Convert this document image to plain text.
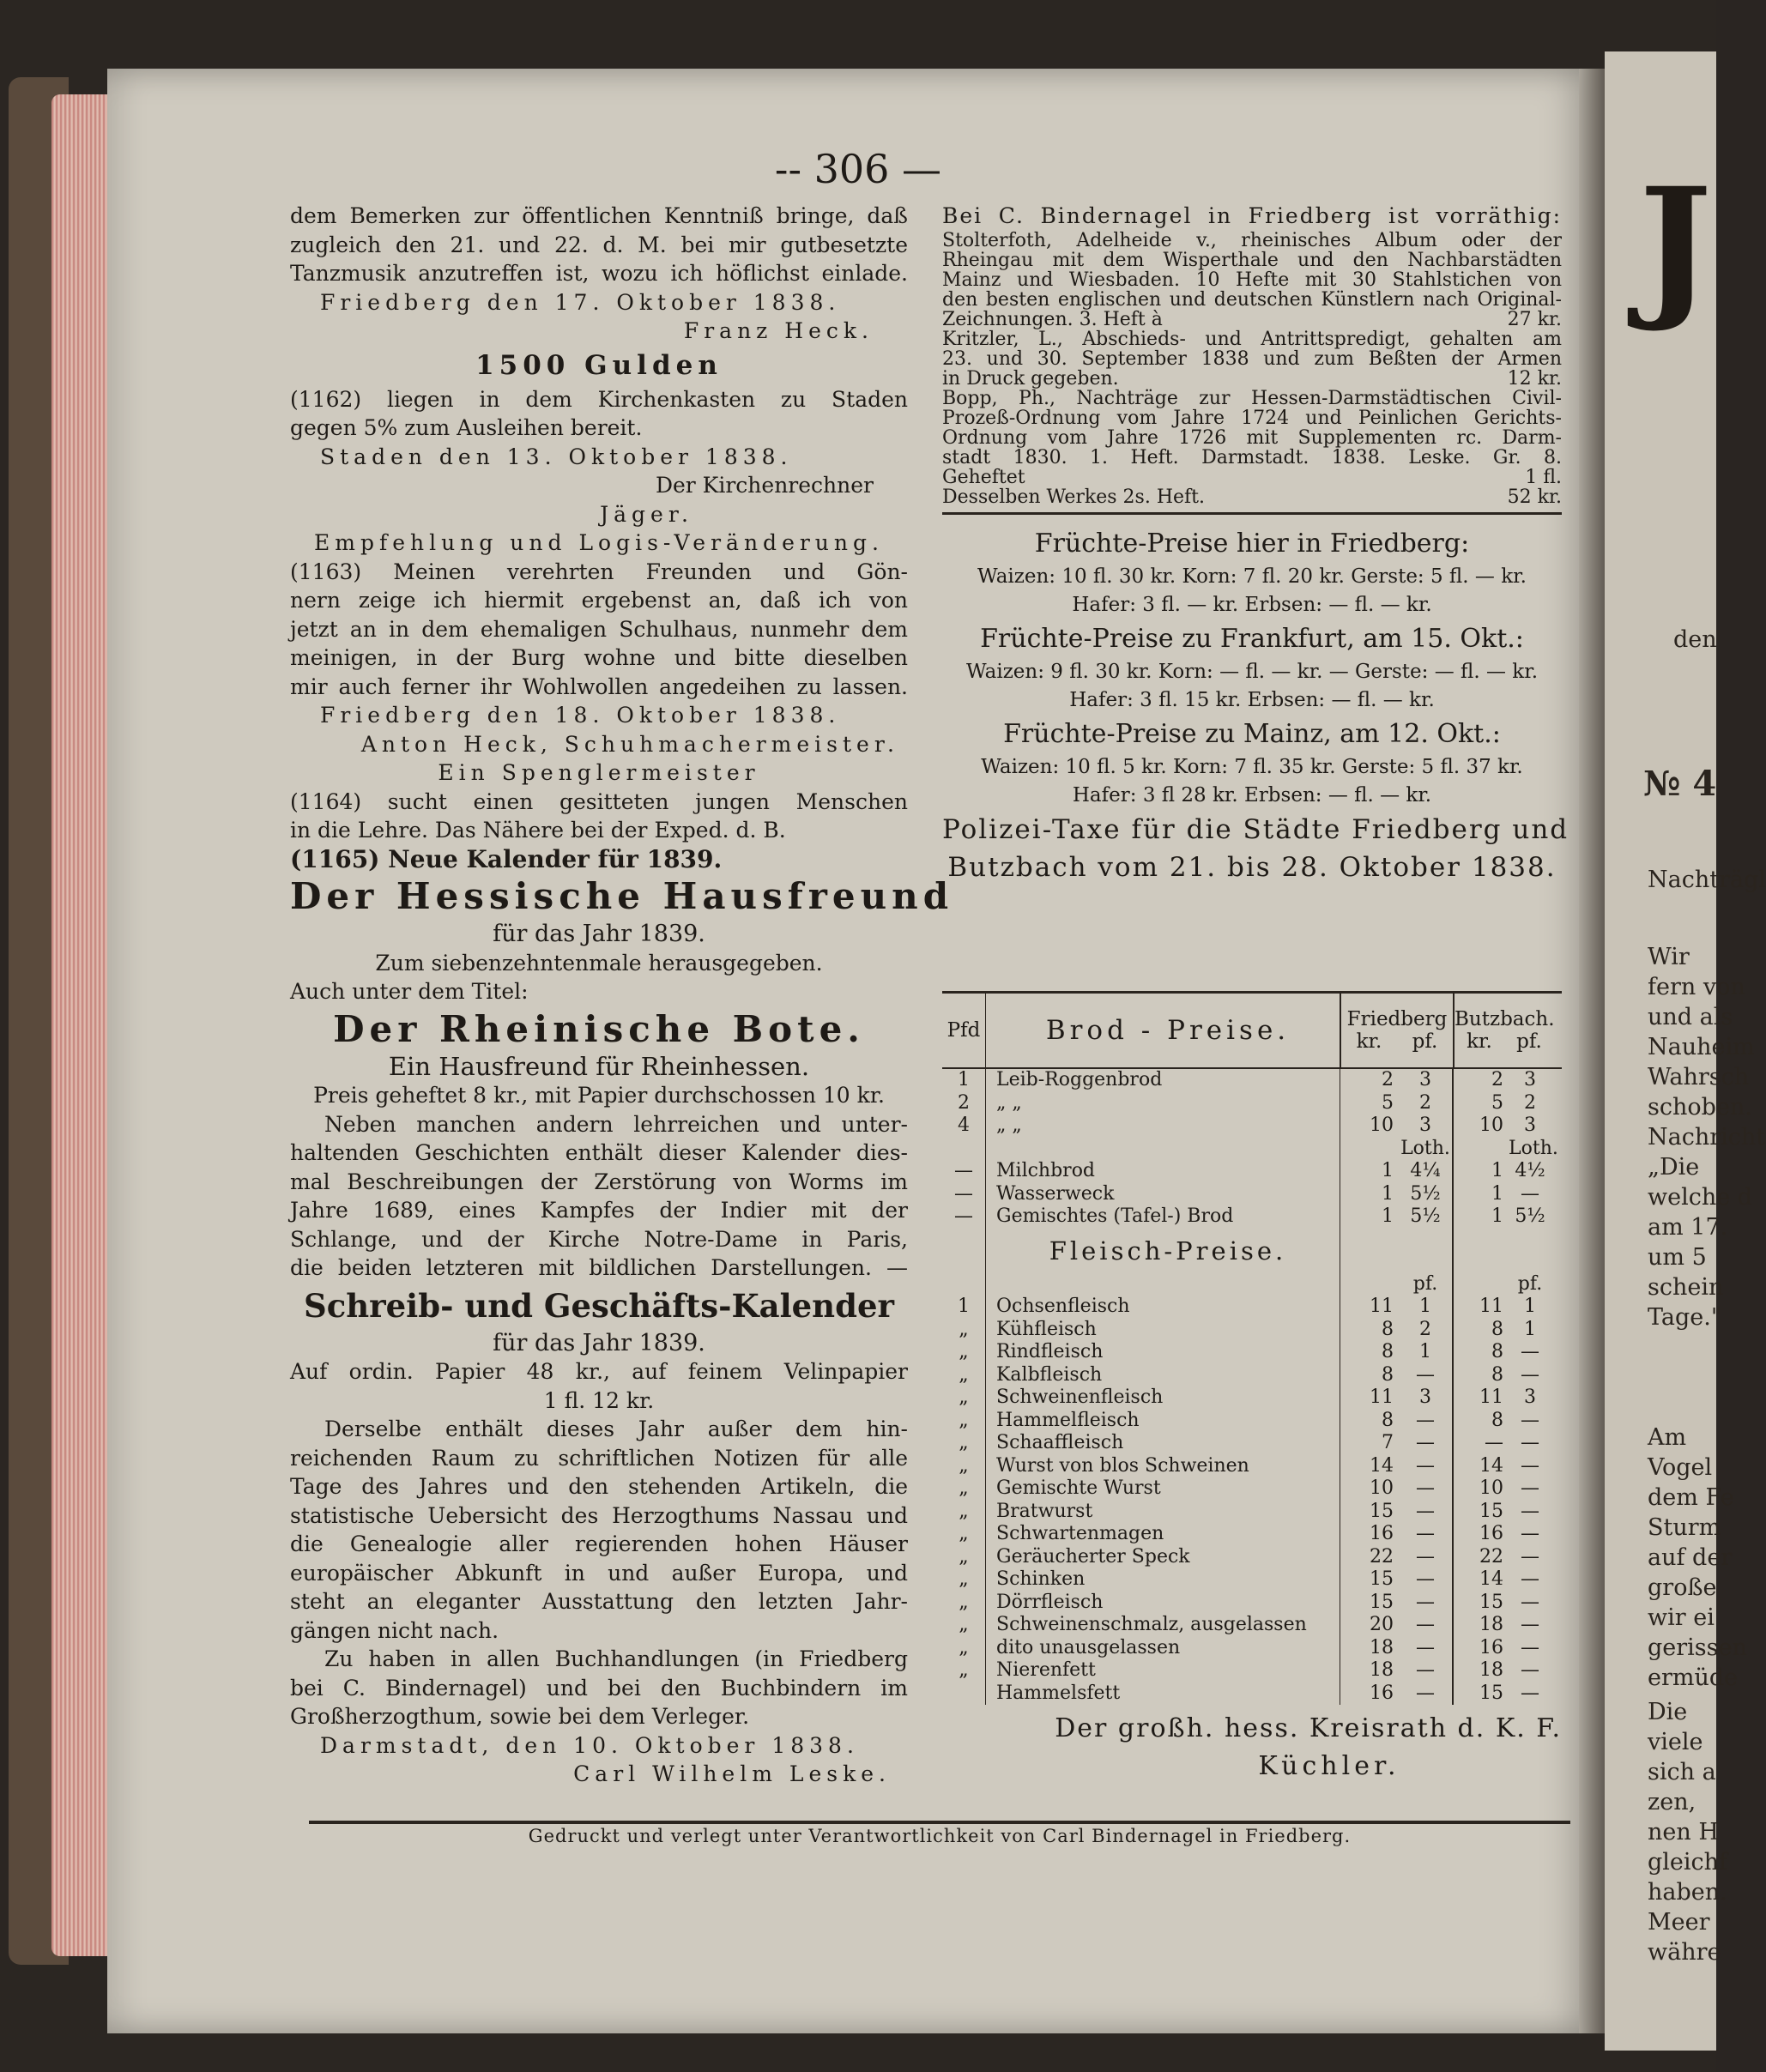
J
den
№ 4
Nachträgl
Wir
fern von
und als
Nauheim
Wahrsch
schoben.
Nachricht
„Die
welche d
am 17.
um 5
schein
Tage."
Am
Vogel
dem Fe
Sturm
auf der
große
wir ei
gerissen
ermüde
Die
viele
sich a
zen,
nen H
gleichf
haben.
Meer
währe
-- 306 —
dem Bemerken zur öffentlichen Kenntniß bringe, daß
zugleich den 21. und 22. d. M. bei mir gutbesetzte
Tanzmusik anzutreffen ist, wozu ich höflichst einlade.
Friedberg den 17. Oktober 1838.
Franz Heck.
1500 Gulden
(1162) liegen in dem Kirchenkasten zu Staden
gegen 5% zum Ausleihen bereit.
Staden den 13. Oktober 1838.
Der Kirchenrechner
Jäger.
Empfehlung und Logis-Veränderung.
(1163) Meinen verehrten Freunden und Gön-
nern zeige ich hiermit ergebenst an, daß ich von
jetzt an in dem ehemaligen Schulhaus, nunmehr dem
meinigen, in der Burg wohne und bitte dieselben
mir auch ferner ihr Wohlwollen angedeihen zu lassen.
Friedberg den 18. Oktober 1838.
Anton Heck, Schuhmachermeister.
Ein Spenglermeister
(1164) sucht einen gesitteten jungen Menschen
in die Lehre. Das Nähere bei der Exped. d. B.
(1165) Neue Kalender für 1839.
Der Hessische Hausfreund
für das Jahr 1839.
Zum siebenzehntenmale herausgegeben.
Auch unter dem Titel:
Der Rheinische Bote.
Ein Hausfreund für Rheinhessen.
Preis geheftet 8 kr., mit Papier durchschossen 10 kr.
Neben manchen andern lehrreichen und unter-
haltenden Geschichten enthält dieser Kalender dies-
mal Beschreibungen der Zerstörung von Worms im
Jahre 1689, eines Kampfes der Indier mit der
Schlange, und der Kirche Notre-Dame in Paris,
die beiden letzteren mit bildlichen Darstellungen. —
Schreib- und Geschäfts-Kalender
für das Jahr 1839.
Auf ordin. Papier 48 kr., auf feinem Velinpapier
1 fl. 12 kr.
Derselbe enthält dieses Jahr außer dem hin-
reichenden Raum zu schriftlichen Notizen für alle
Tage des Jahres und den stehenden Artikeln, die
statistische Uebersicht des Herzogthums Nassau und
die Genealogie aller regierenden hohen Häuser
europäischer Abkunft in und außer Europa, und
steht an eleganter Ausstattung den letzten Jahr-
gängen nicht nach.
Zu haben in allen Buchhandlungen (in Friedberg
bei C. Bindernagel) und bei den Buchbindern im
Großherzogthum, sowie bei dem Verleger.
Darmstadt, den 10. Oktober 1838.
Carl Wilhelm Leske.
Bei C. Bindernagel in Friedberg ist vorräthig:
Stolterfoth, Adelheide v., rheinisches Album oder der
Rheingau mit dem Wisperthale und den Nachbarstädten
Mainz und Wiesbaden. 10 Hefte mit 30 Stahlstichen von
den besten englischen und deutschen Künstlern nach Original-
Zeichnungen. 3. Heft à	27 kr.
Kritzler, L., Abschieds- und Antrittspredigt, gehalten am
23. und 30. September 1838 und zum Beßten der Armen
in Druck gegeben.	12 kr.
Bopp, Ph., Nachträge zur Hessen-Darmstädtischen Civil-
Prozeß-Ordnung vom Jahre 1724 und Peinlichen Gerichts-
Ordnung vom Jahre 1726 mit Supplementen rc. Darm-
stadt 1830. 1. Heft. Darmstadt. 1838. Leske. Gr. 8.
Geheftet	1 fl.
Desselben Werkes 2s. Heft.	52 kr.
Früchte-Preise hier in Friedberg:
Waizen: 10 fl. 30 kr. Korn: 7 fl. 20 kr. Gerste: 5 fl. — kr.
Hafer: 3 fl. — kr. Erbsen: — fl. — kr.
Früchte-Preise zu Frankfurt, am 15. Okt.:
Waizen: 9 fl. 30 kr. Korn: — fl. — kr. — Gerste: — fl. — kr.
Hafer: 3 fl. 15 kr. Erbsen: — fl. — kr.
Früchte-Preise zu Mainz, am 12. Okt.:
Waizen: 10 fl. 5 kr. Korn: 7 fl. 35 kr. Gerste: 5 fl. 37 kr.
Hafer: 3 fl 28 kr. Erbsen: — fl. — kr.
Polizei-Taxe für die Städte Friedberg und
Butzbach vom 21. bis 28. Oktober 1838.
Pfd	Brod - Preise.	Friedberg
kr. pf.
Butzbach.
kr. pf.
1	Leib-Roggenbrod	2	3	2	3
2	„ „	5	2	5	2
4	„ „	10	3	10	3
Loth.	Loth.
—	Milchbrod	1 4¼	1 4½
—	Wasserweck	1 5½	1 —
—	Gemischtes (Tafel-) Brod	1 5½	1 5½
Fleisch-Preise.
pf.	pf.
1	Ochsenfleisch	11	1	11	1
„	Kühfleisch	8	2	8	1
„	Rindfleisch	8	1	8 —
„	Kalbfleisch	8	—	8 —
„	Schweinenfleisch	11	3	11	3
„	Hammelfleisch	8	—	8 —
„	Schaaffleisch	7	—	— —
„	Wurst von blos Schweinen	14	—	14 —
„	Gemischte Wurst	10	—	10 —
„	Bratwurst	15	—	15 —
„	Schwartenmagen	16	—	16 —
„	Geräucherter Speck	22	—	22 —
„	Schinken	15	—	14 —
„	Dörrfleisch	15	—	15 —
„	Schweinenschmalz, ausgelassen	20	—	18 —
„	dito unausgelassen	18	—	16 —
„	Nierenfett	18	—	18 —
Hammelsfett	16	—	15 —
Der großh. hess. Kreisrath d. K. F.
Küchler.
Gedruckt und verlegt unter Verantwortlichkeit von Carl Bindernagel in Friedberg.
